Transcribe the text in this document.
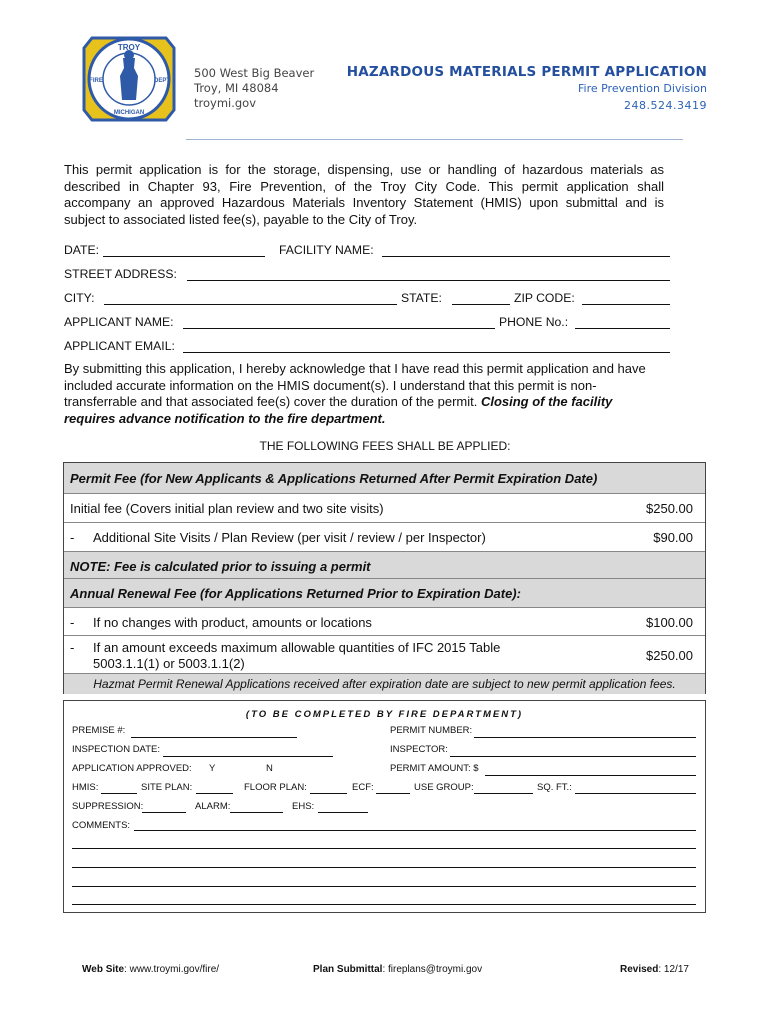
TROY
FIRE	DEPT
MICHIGAN
500 West Big Beaver
Troy, MI 48084
troymi.gov
HAZARDOUS MATERIALS PERMIT APPLICATION
Fire Prevention Division
248.524.3419
This permit application is for the storage, dispensing, use or handling of hazardous materials as described in Chapter 93, Fire Prevention, of the Troy City Code. This permit application shall accompany an approved Hazardous Materials Inventory Statement (HMIS) upon submittal and is subject to associated listed fee(s), payable to the City of Troy.
DATE:	FACILITY NAME:
STREET ADDRESS:
CITY:	STATE:	ZIP CODE:
APPLICANT NAME:	PHONE No.:
APPLICANT EMAIL:
By submitting this application, I hereby acknowledge that I have read this permit application and have included accurate information on the HMIS document(s). I understand that this permit is non-transferrable and that associated fee(s) cover the duration of the permit. Closing of the facility requires advance notification to the fire department.
THE FOLLOWING FEES SHALL BE APPLIED:
Permit Fee (for New Applicants & Applications Returned After Permit Expiration Date)
Initial fee (Covers initial plan review and two site visits)	$250.00
- Additional Site Visits / Plan Review (per visit / review / per Inspector)	$90.00
NOTE: Fee is calculated prior to issuing a permit
Annual Renewal Fee (for Applications Returned Prior to Expiration Date):
- If no changes with product, amounts or locations	$100.00
- If an amount exceeds maximum allowable quantities of IFC 2015 Table
5003.1.1(1) or 5003.1.1(2)
$250.00
Hazmat Permit Renewal Applications received after expiration date are subject to new permit application fees.
(TO BE COMPLETED BY FIRE DEPARTMENT)
PREMISE #:	PERMIT NUMBER:
INSPECTION DATE:	INSPECTOR:
APPLICATION APPROVED: Y	N	PERMIT AMOUNT: $
HMIS:	SITE PLAN:	FLOOR PLAN:	ECF:	USE GROUP:	SQ. FT.:
SUPPRESSION:	ALARM:	EHS:
COMMENTS:
Web Site: www.troymi.gov/fire/	Plan Submittal: fireplans@troymi.gov	Revised: 12/17
